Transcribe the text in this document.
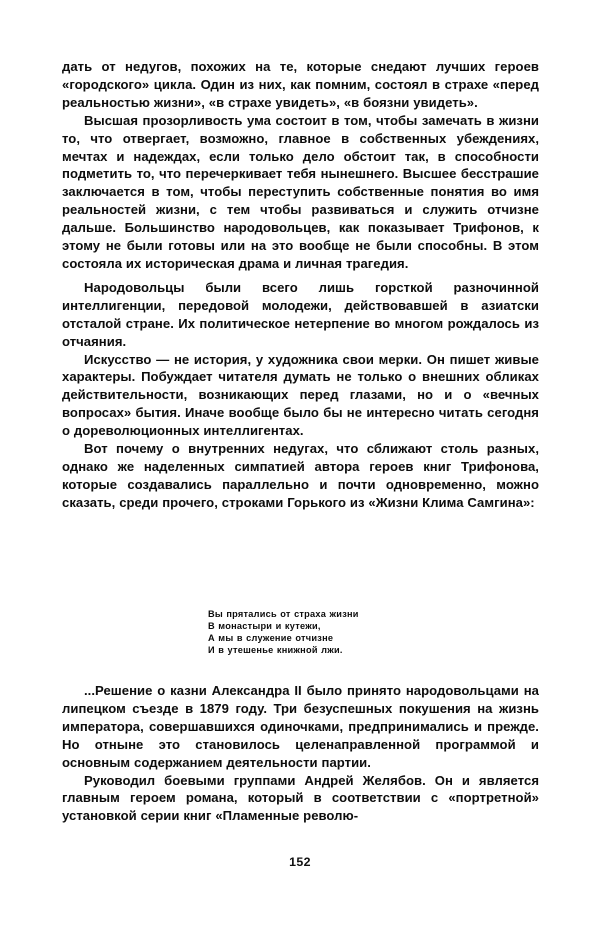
дать от недугов, похожих на те, которые снедают лучших героев «городского» цикла. Один из них, как помним, состоял в страхе «перед реальностью жизни», «в страхе увидеть», «в боязни увидеть».

Высшая прозорливость ума состоит в том, чтобы замечать в жизни то, что отвергает, возможно, главное в собственных убеждениях, мечтах и надеждах, если только дело обстоит так, в способности подметить то, что перечеркивает тебя нынешнего. Высшее бесстрашие заключается в том, чтобы переступить собственные понятия во имя реальностей жизни, с тем чтобы развиваться и служить отчизне дальше. Большинство народовольцев, как показывает Трифонов, к этому не были готовы или на это вообще не были способны. В этом состояла их историческая драма и личная трагедия.

Народовольцы были всего лишь горсткой разночинной интеллигенции, передовой молодежи, действовавшей в азиатски отсталой стране. Их политическое нетерпение во многом рождалось из отчаяния.

Искусство — не история, у художника свои мерки. Он пишет живые характеры. Побуждает читателя думать не только о внешних обликах действительности, возникающих перед глазами, но и о «вечных вопросах» бытия. Иначе вообще было бы не интересно читать сегодня о дореволюционных интеллигентах.

Вот почему о внутренних недугах, что сближают столь разных, однако же наделенных симпатией автора героев книг Трифонова, которые создавались параллельно и почти одновременно, можно сказать, среди прочего, строками Горького из «Жизни Клима Самгина»:

Вы прятались от страха жизни

В монастыри и кутежи,

А мы в служение отчизне

И в утешенье книжной лжи.

...Решение о казни Александра II было принято народовольцами на липецком съезде в 1879 году. Три безуспешных покушения на жизнь императора, совершавшихся одиночками, предпринимались и прежде. Но отныне это становилось целенаправленной программой и основным содержанием деятельности партии.

Руководил боевыми группами Андрей Желябов. Он и является главным героем романа, который в соответствии с «портретной» установкой серии книг «Пламенные револю-

152
